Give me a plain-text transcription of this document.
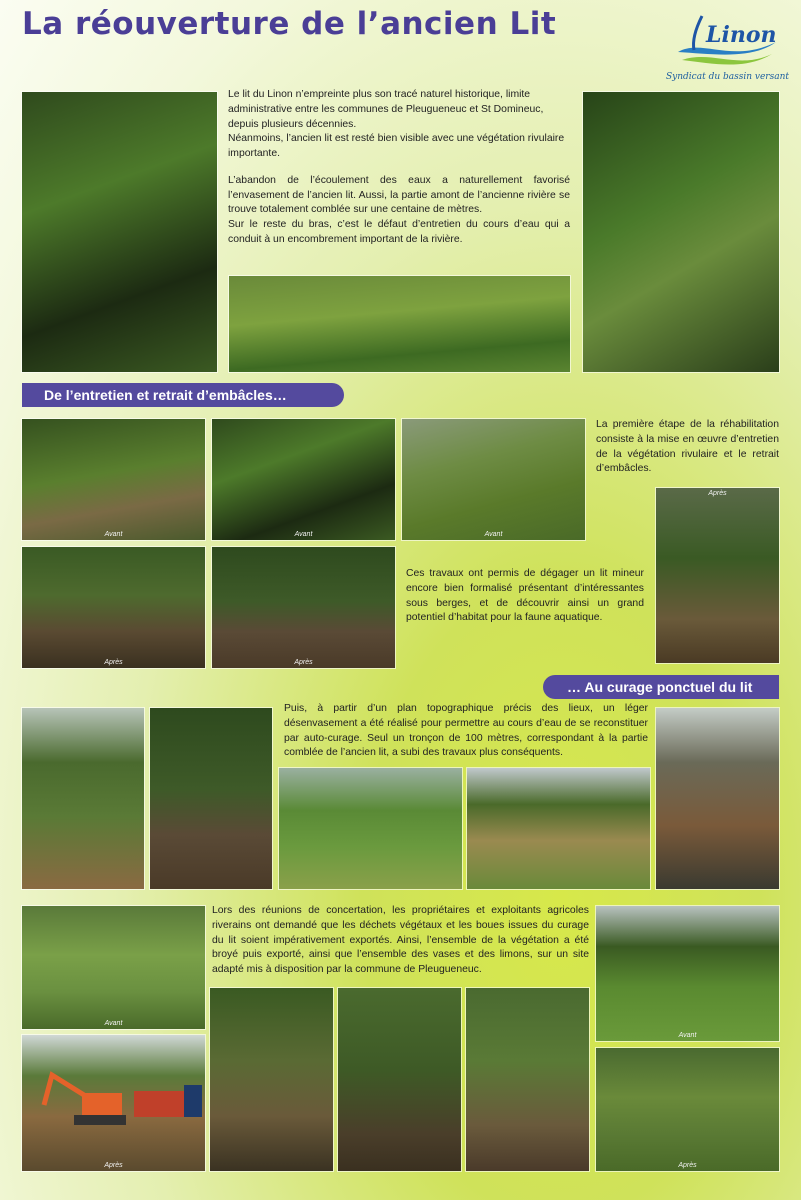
La réouverture de l’ancien Lit	Linon
Syndicat du bassin versant

Le lit du Linon n’empreinte plus son tracé naturel historique, limite administrative entre les communes de Pleugueneuc et St Domineuc, depuis plusieurs décennies.

Néanmoins, l’ancien lit est resté bien visible avec une végétation rivulaire importante.

L’abandon de l’écoulement des eaux a naturellement favorisé l’envasement de l’ancien lit. Aussi, la partie amont de l’ancienne rivière se trouve totalement comblée sur une centaine de mètres.

Sur le reste du bras, c’est le défaut d’entretien du cours d’eau qui a conduit à un encombrement important de la rivière.

De l’entretien et retrait d’embâcles…
Avant	Avant	Avant
Après	Après
La première étape de la réhabilitation consiste à la mise en œuvre d’entretien de la végétation rivulaire et le retrait d’embâcles.
Après
Ces travaux ont permis de dégager un lit mineur encore bien formalisé présentant d’intéressantes sous berges, et de découvrir ainsi un grand potentiel d’habitat pour la faune aquatique.
… Au curage ponctuel du lit
Puis, à partir d’un plan topographique précis des lieux, un léger désenvasement a été réalisé pour permettre au cours d’eau de se reconstituer par auto-curage. Seul un tronçon de 100 mètres, correspondant à la partie comblée de l’ancien lit, a subi des travaux plus conséquents.
Avant
Lors des réunions de concertation, les propriétaires et exploitants agricoles riverains ont demandé que les déchets végétaux et les boues issues du curage du lit soient impérativement exportés. Ainsi, l’ensemble de la végétation a été broyé puis exporté, ainsi que l’ensemble des vases et des limons, sur un site adapté mis à disposition par la commune de Pleugueneuc.
Avant
Après	Après
